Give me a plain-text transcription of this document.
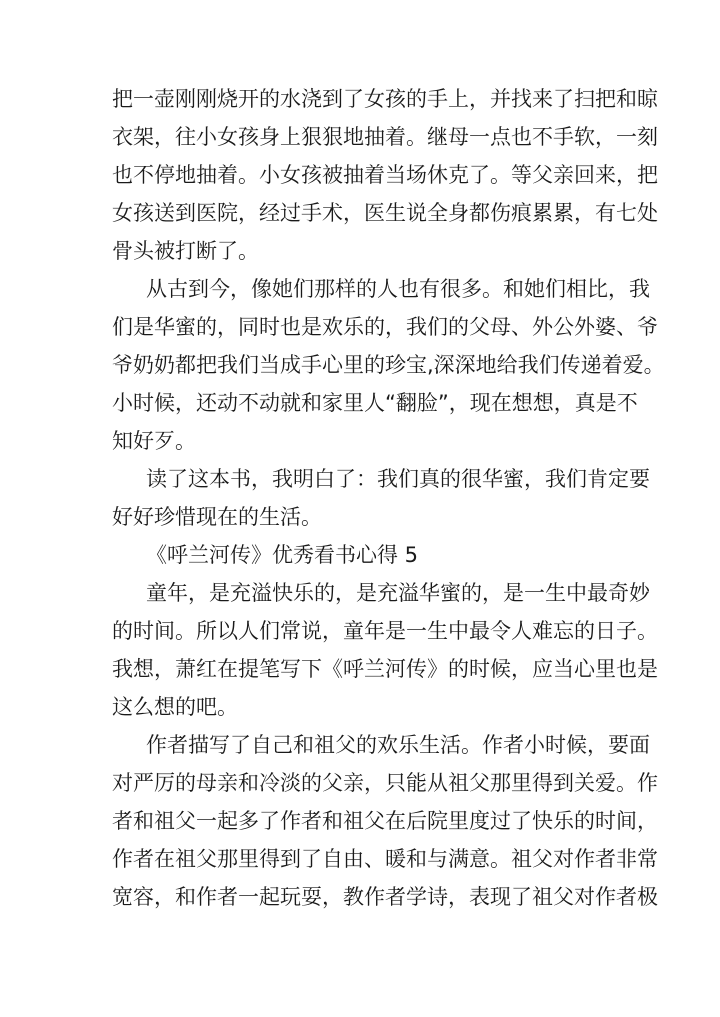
把一壶刚刚烧开的水浇到了女孩的手上，并找来了扫把和晾
衣架，往小女孩身上狠狠地抽着。继母一点也不手软，一刻
也不停地抽着。小女孩被抽着当场休克了。等父亲回来，把
女孩送到医院，经过手术，医生说全身都伤痕累累，有七处
骨头被打断了。
从古到今，像她们那样的人也有很多。和她们相比，我
们是华蜜的，同时也是欢乐的，我们的父母、外公外婆、爷
爷奶奶都把我们当成手心里的珍宝,深深地给我们传递着爱。
小时候，还动不动就和家里人“翻脸”，现在想想，真是不
知好歹。
读了这本书，我明白了：我们真的很华蜜，我们肯定要
好好珍惜现在的生活。
《呼兰河传》优秀看书心得 5
童年，是充溢快乐的，是充溢华蜜的，是一生中最奇妙
的时间。所以人们常说，童年是一生中最令人难忘的日子。
我想，萧红在提笔写下《呼兰河传》的时候，应当心里也是
这么想的吧。
作者描写了自己和祖父的欢乐生活。作者小时候，要面
对严厉的母亲和冷淡的父亲，只能从祖父那里得到关爱。作
者和祖父一起多了作者和祖父在后院里度过了快乐的时间，
作者在祖父那里得到了自由、暖和与满意。祖父对作者非常
宽容，和作者一起玩耍，教作者学诗，表现了祖父对作者极
